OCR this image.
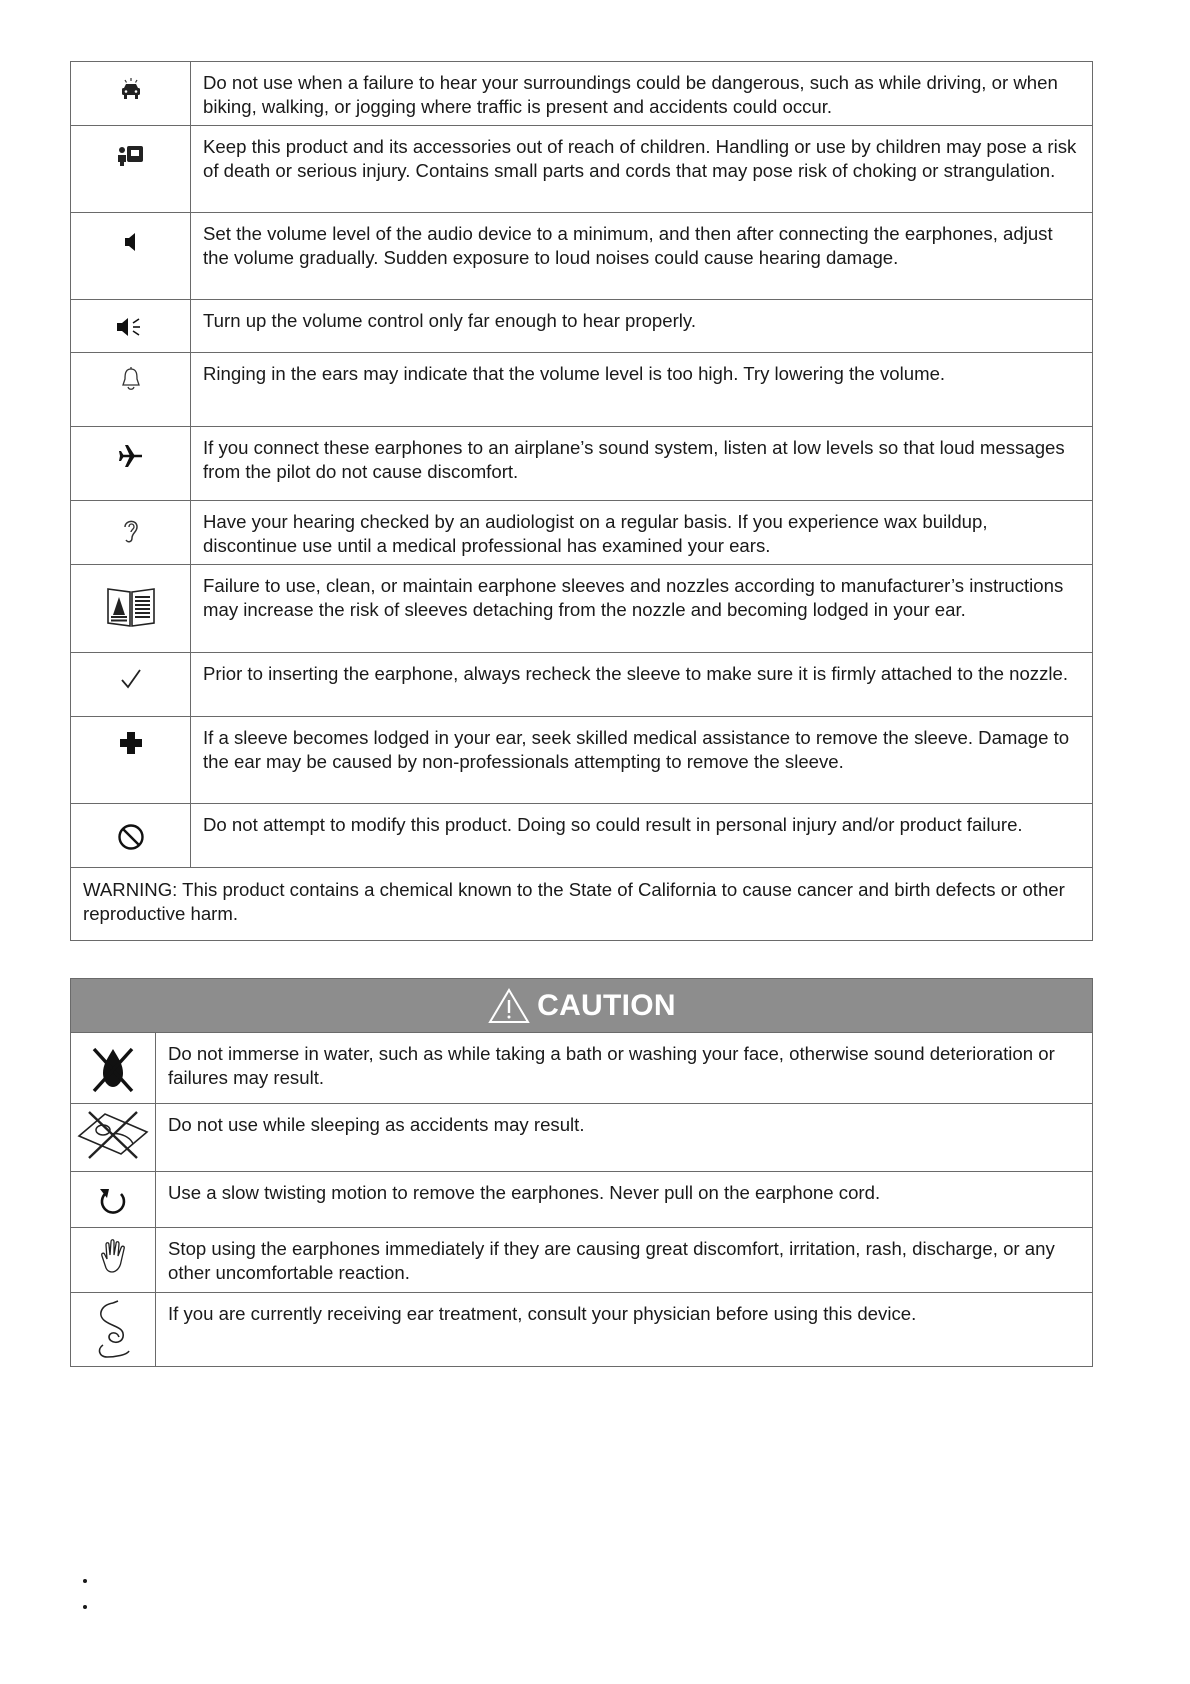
	Do not use when a failure to hear your surroundings could be dangerous, such as while driving, or when biking, walking, or jogging where traffic is present and accidents could occur.

	Keep this product and its accessories out of reach of children. Handling or use by children may pose a risk of death or serious injury. Contains small parts and cords that may pose risk of choking or strangulation.

	Set the volume level of the audio device to a minimum, and then after connecting the earphones, adjust the volume gradually. Sudden exposure to loud noises could cause hearing damage.

	Turn up the volume control only far enough to hear properly.

	Ringing in the ears may indicate that the volume level is too high. Try lowering the volume.

	If you connect these earphones to an airplane’s sound system, listen at low levels so that loud messages from the pilot do not cause discomfort.

	Have your hearing checked by an audiologist on a regular basis. If you experience wax buildup, discontinue use until a medical professional has examined your ears.

	Failure to use, clean, or maintain earphone sleeves and nozzles according to manufacturer’s instructions may increase the risk of sleeves detaching from the nozzle and becoming lodged in your ear.

	Prior to inserting the earphone, always recheck the sleeve to make sure it is firmly attached to the nozzle.

	If a sleeve becomes lodged in your ear, seek skilled medical assistance to remove the sleeve. Damage to the ear may be caused by non-professionals attempting to remove the sleeve.

	Do not attempt to modify this product. Doing so could result in personal injury and/or product failure.
WARNING: This product contains a chemical known to the State of California to cause cancer and birth defects or other reproductive harm.	
CAUTION	

	Do not immerse in water, such as while taking a bath or washing your face, otherwise sound deterioration or failures may result.

	Do not use while sleeping as accidents may result.

	Use a slow twisting motion to remove the earphones. Never pull on the earphone cord.

	Stop using the earphones immediately if they are causing great discomfort, irritation, rash, discharge, or any other uncomfortable reaction.

	If you are currently receiving ear treatment, consult your physician before using this device.
